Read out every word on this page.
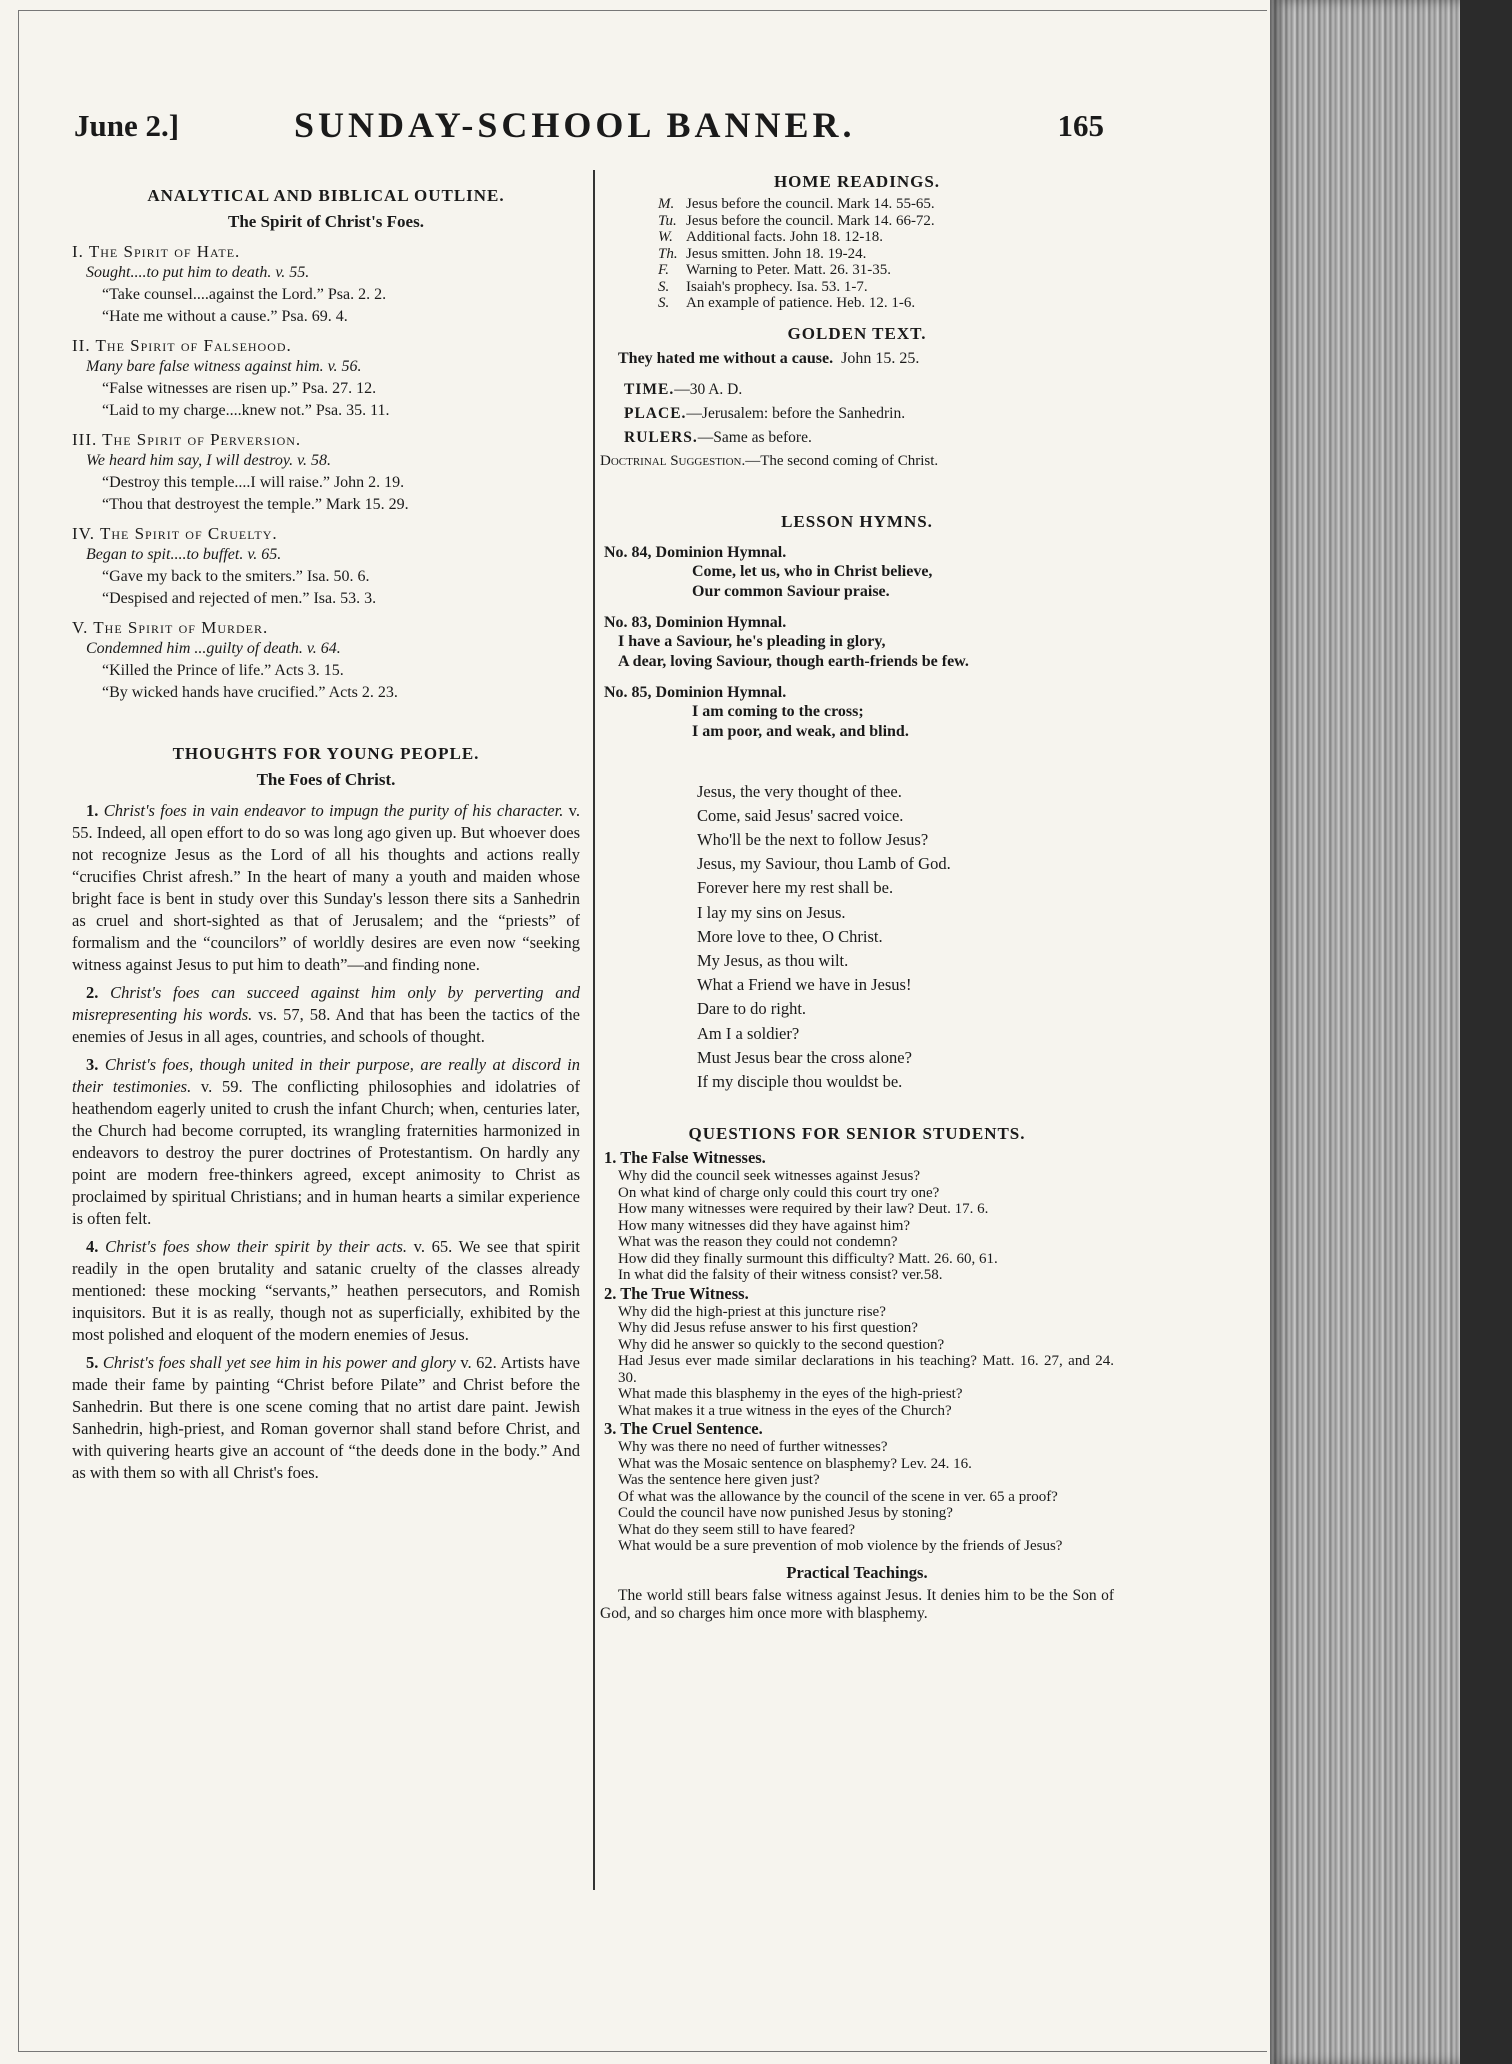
June 2.]	SUNDAY-SCHOOL BANNER.	165
ANALYTICAL AND BIBLICAL OUTLINE.
The Spirit of Christ's Foes.
I. The Spirit of Hate.
Sought....to put him to death. v. 55.
“Take counsel....against the Lord.” Psa. 2. 2.
“Hate me without a cause.” Psa. 69. 4.
II. The Spirit of Falsehood.
Many bare false witness against him. v. 56.
“False witnesses are risen up.” Psa. 27. 12.
“Laid to my charge....knew not.” Psa. 35. 11.
III. The Spirit of Perversion.
We heard him say, I will destroy. v. 58.
“Destroy this temple....I will raise.” John 2. 19.
“Thou that destroyest the temple.” Mark 15. 29.
IV. The Spirit of Cruelty.
Began to spit....to buffet. v. 65.
“Gave my back to the smiters.” Isa. 50. 6.
“Despised and rejected of men.” Isa. 53. 3.
V. The Spirit of Murder.
Condemned him ...guilty of death. v. 64.
“Killed the Prince of life.” Acts 3. 15.
“By wicked hands have crucified.” Acts 2. 23.
THOUGHTS FOR YOUNG PEOPLE.
The Foes of Christ.

1. Christ's foes in vain endeavor to impugn the purity of his character. v. 55. Indeed, all open effort to do so was long ago given up. But whoever does not recognize Jesus as the Lord of all his thoughts and actions really “crucifies Christ afresh.” In the heart of many a youth and maiden whose bright face is bent in study over this Sunday's lesson there sits a Sanhedrin as cruel and short-sighted as that of Jerusalem; and the “priests” of formalism and the “councilors” of worldly desires are even now “seeking witness against Jesus to put him to death”—and finding none.

2. Christ's foes can succeed against him only by perverting and misrepresenting his words. vs. 57, 58. And that has been the tactics of the enemies of Jesus in all ages, countries, and schools of thought.

3. Christ's foes, though united in their purpose, are really at discord in their testimonies. v. 59. The conflicting philosophies and idolatries of heathendom eagerly united to crush the infant Church; when, centuries later, the Church had become corrupted, its wrangling fraternities harmonized in endeavors to destroy the purer doctrines of Protestantism. On hardly any point are modern free-thinkers agreed, except animosity to Christ as proclaimed by spiritual Christians; and in human hearts a similar experience is often felt.

4. Christ's foes show their spirit by their acts. v. 65. We see that spirit readily in the open brutality and satanic cruelty of the classes already mentioned: these mocking “servants,” heathen persecutors, and Romish inquisitors. But it is as really, though not as superficially, exhibited by the most polished and eloquent of the modern enemies of Jesus.

5. Christ's foes shall yet see him in his power and glory v. 62. Artists have made their fame by painting “Christ before Pilate” and Christ before the Sanhedrin. But there is one scene coming that no artist dare paint. Jewish Sanhedrin, high-priest, and Roman governor shall stand before Christ, and with quivering hearts give an account of “the deeds done in the body.” And as with them so with all Christ's foes.

HOME READINGS.
M. Jesus before the council. Mark 14. 55-65.
Tu. Jesus before the council. Mark 14. 66-72.
W. Additional facts. John 18. 12-18.
Th. Jesus smitten. John 18. 19-24.
F. Warning to Peter. Matt. 26. 31-35.
S. Isaiah's prophecy. Isa. 53. 1-7.
S. An example of patience. Heb. 12. 1-6.
GOLDEN TEXT.
They hated me without a cause. John 15. 25.
TIME.—30 A. D.
PLACE.—Jerusalem: before the Sanhedrin.
RULERS.—Same as before.
Doctrinal Suggestion.—The second coming of Christ.
LESSON HYMNS.
No. 84, Dominion Hymnal.
Come, let us, who in Christ believe,
Our common Saviour praise.
No. 83, Dominion Hymnal.
I have a Saviour, he's pleading in glory,
A dear, loving Saviour, though earth-friends be few.
No. 85, Dominion Hymnal.
I am coming to the cross;
I am poor, and weak, and blind.
Jesus, the very thought of thee.
Come, said Jesus' sacred voice.
Who'll be the next to follow Jesus?
Jesus, my Saviour, thou Lamb of God.
Forever here my rest shall be.
I lay my sins on Jesus.
More love to thee, O Christ.
My Jesus, as thou wilt.
What a Friend we have in Jesus!
Dare to do right.
Am I a soldier?
Must Jesus bear the cross alone?
If my disciple thou wouldst be.
QUESTIONS FOR SENIOR STUDENTS.
1. The False Witnesses.
Why did the council seek witnesses against Jesus?
On what kind of charge only could this court try one?
How many witnesses were required by their law? Deut. 17. 6.
How many witnesses did they have against him?
What was the reason they could not condemn?
How did they finally surmount this difficulty? Matt. 26. 60, 61.
In what did the falsity of their witness consist? ver.58.
2. The True Witness.
Why did the high-priest at this juncture rise?
Why did Jesus refuse answer to his first question?
Why did he answer so quickly to the second question?
Had Jesus ever made similar declarations in his teaching? Matt. 16. 27, and 24. 30.
What made this blasphemy in the eyes of the high-priest?
What makes it a true witness in the eyes of the Church?
3. The Cruel Sentence.
Why was there no need of further witnesses?
What was the Mosaic sentence on blasphemy? Lev. 24. 16.
Was the sentence here given just?
Of what was the allowance by the council of the scene in ver. 65 a proof?
Could the council have now punished Jesus by stoning?
What do they seem still to have feared?
What would be a sure prevention of mob violence by the friends of Jesus?
Practical Teachings.
The world still bears false witness against Jesus. It denies him to be the Son of God, and so charges him once more with blasphemy.
